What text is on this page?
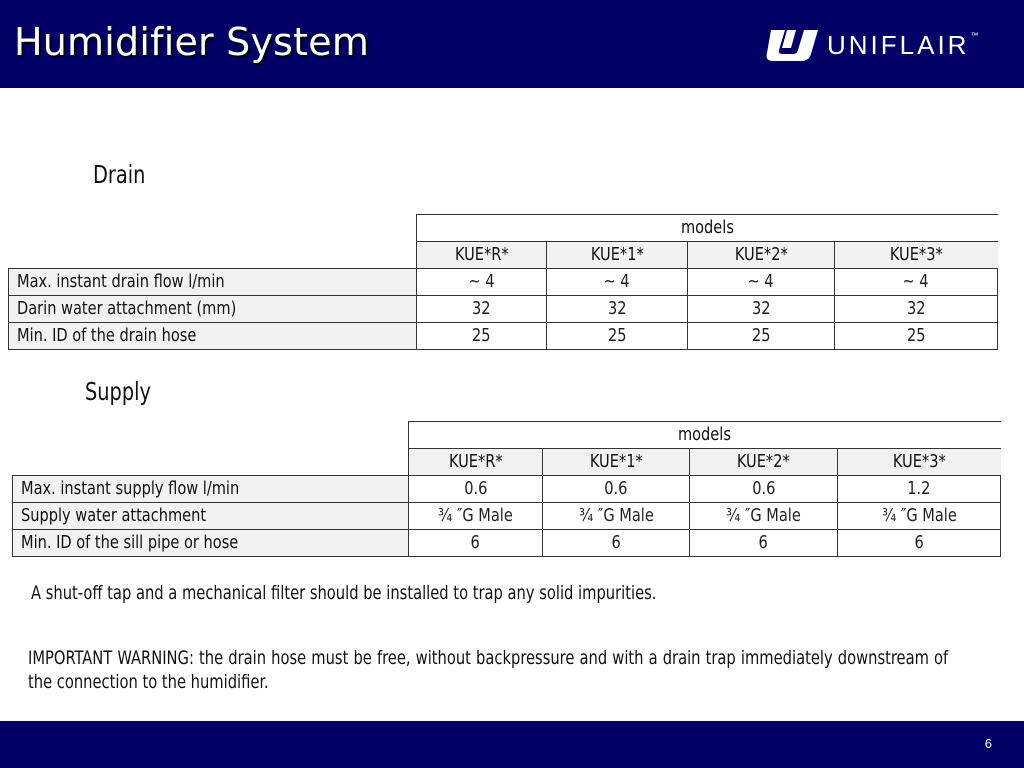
Humidifier System	UNIFLAIR ™
Drain
	models			
	KUE*R*	KUE*1*	KUE*2*	KUE*3*
Max. instant drain flow l/min	~ 4	~ 4	~ 4	~ 4
Darin water attachment (mm)	32	32	32	32
Min. ID of the drain hose	25	25	25	25
Supply
	models			
	KUE*R*	KUE*1*	KUE*2*	KUE*3*
Max. instant supply flow l/min	0.6	0.6	0.6	1.2
Supply water attachment	¾ ″G Male	¾ ″G Male	¾ ″G Male	¾ ″G Male
Min. ID of the sill pipe or hose	6	6	6	6

A shut-off tap and a mechanical filter should be installed to trap any solid impurities.

IMPORTANT WARNING: the drain hose must be free, without backpressure and with a drain trap immediately downstream of the connection to the humidifier.

6
